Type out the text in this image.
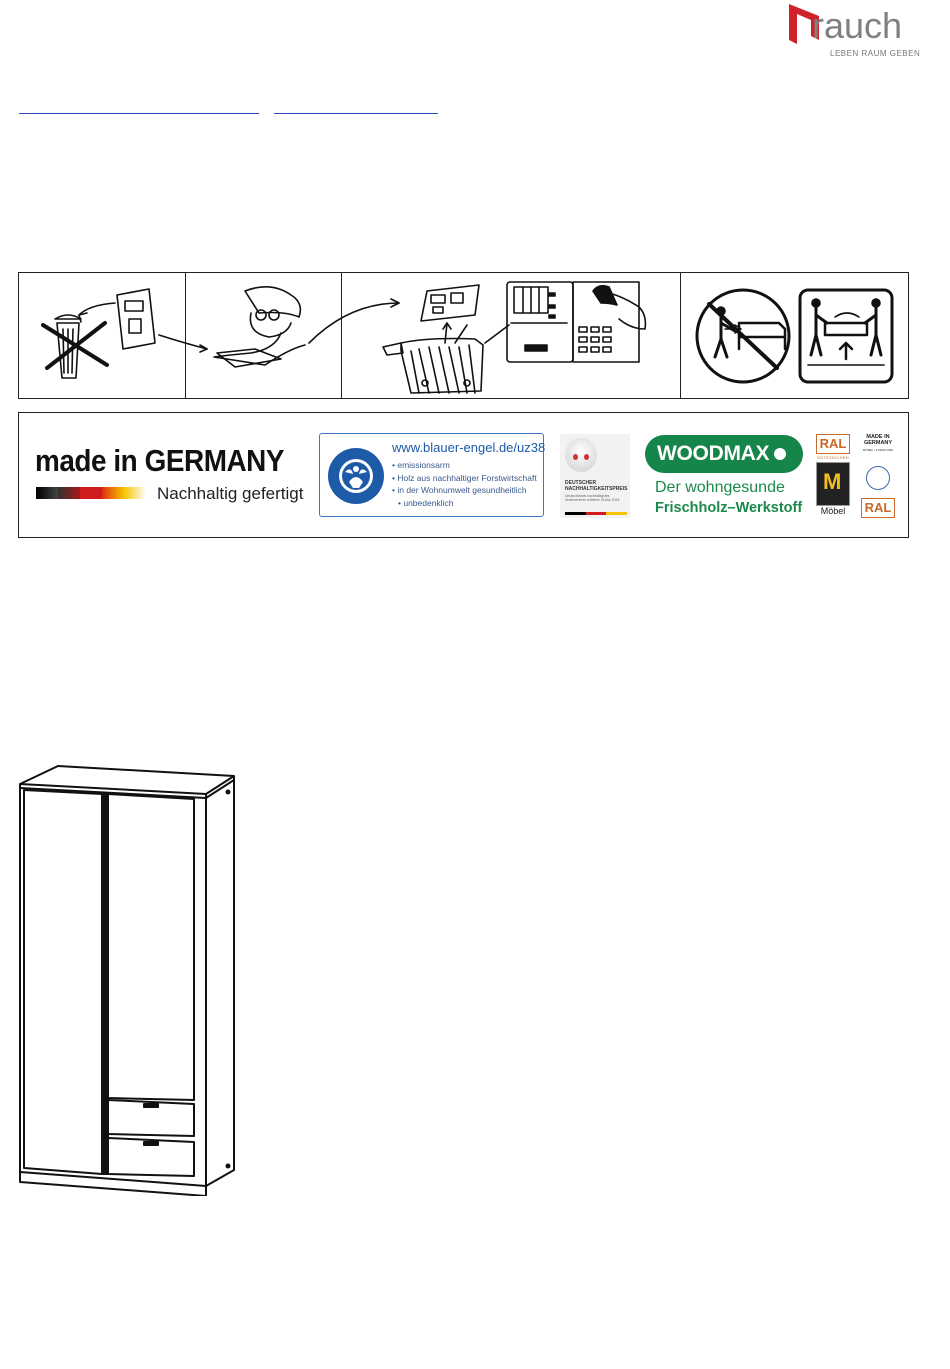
rauch
LEBEN RAUM GEBEN
made in GERMANY
Nachhaltig gefertigt
www.blauer-engel.de/uz38
• emissionsarm
• Holz aus nachhaltiger Forstwirtschaft
• in der Wohnumwelt gesundheitlich
• unbedenklich
DEUTSCHER
NACHHALTIGKEITSPREIS
Deutschlands nachhaltigstes
Unternehmen mittlerer Größe 2014
WOODMAX
Der wohngesunde
Frischholz–Werkstoff
RAL
GÜTEZEICHEN
M
Möbel
MADE IN
GERMANY
MÖBEL • FURNITURE
RAL
